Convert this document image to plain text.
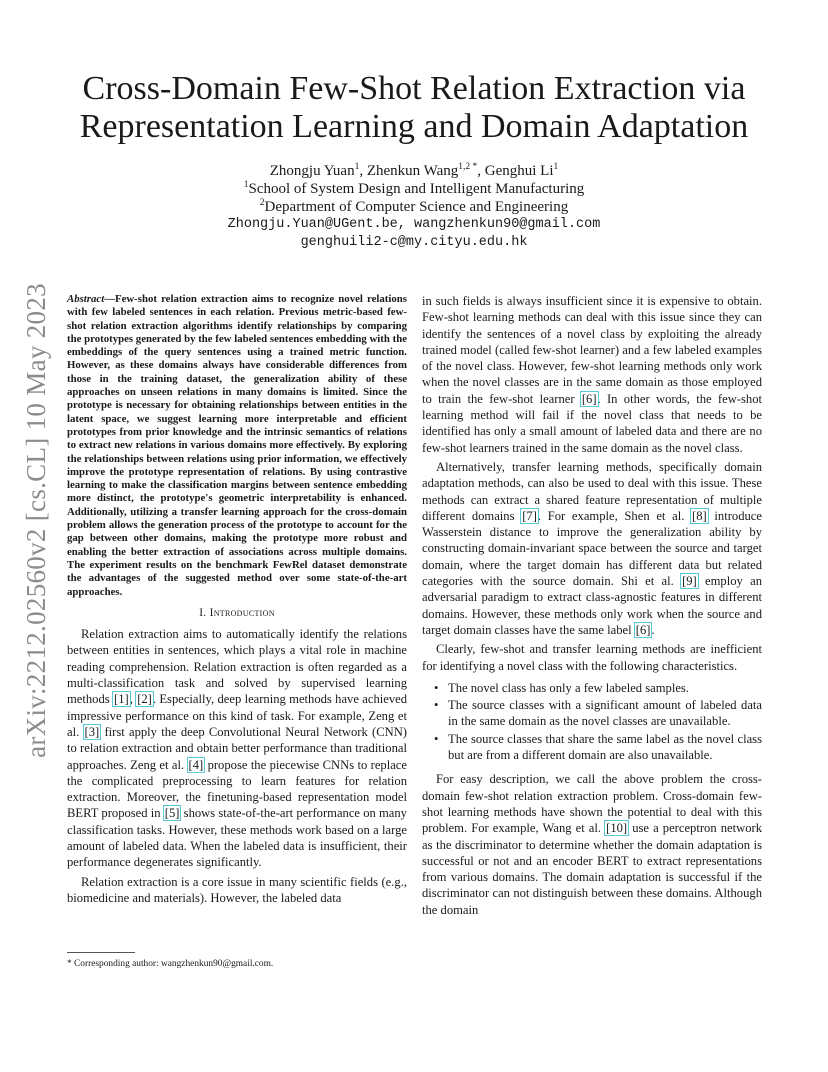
arXiv:2212.02560v2 [cs.CL] 10 May 2023
Cross-Domain Few-Shot Relation Extraction via
Representation Learning and Domain Adaptation
Zhongju Yuan$^1$, Zhenkun Wang$^{1,2 *}$, Genghui Li$^1$
$^1$School of System Design and Intelligent Manufacturing
$^2$Department of Computer Science and Engineering
Zhongju.Yuan@UGent.be, wangzhenkun90@gmail.com
genghuili2-c@my.cityu.edu.hk

Abstract—Few-shot relation extraction aims to recognize novel relations with few labeled sentences in each relation. Previous metric-based few-shot relation extraction algorithms identify relationships by comparing the prototypes generated by the few labeled sentences embedding with the embeddings of the query sentences using a trained metric function. However, as these domains always have considerable differences from those in the training dataset, the generalization ability of these approaches on unseen relations in many domains is limited. Since the prototype is necessary for obtaining relationships between entities in the latent space, we suggest learning more interpretable and efficient prototypes from prior knowledge and the intrinsic semantics of relations to extract new relations in various domains more effectively. By exploring the relationships between relations using prior information, we effectively improve the prototype representation of relations. By using contrastive learning to make the classification margins between sentence embedding more distinct, the prototype's geometric interpretability is enhanced. Additionally, utilizing a transfer learning approach for the cross-domain problem allows the generation process of the prototype to account for the gap between other domains, making the prototype more robust and enabling the better extraction of associations across multiple domains. The experiment results on the benchmark FewRel dataset demonstrate the advantages of the suggested method over some state-of-the-art approaches.

I. Introduction

Relation extraction aims to automatically identify the relations between entities in sentences, which plays a vital role in machine reading comprehension. Relation extraction is often regarded as a multi-classification task and solved by supervised learning methods [1], [2]. Especially, deep learning methods have achieved impressive performance on this kind of task. For example, Zeng et al. [3] first apply the deep Convolutional Neural Network (CNN) to relation extraction and obtain better performance than traditional approaches. Zeng et al. [4] propose the piecewise CNNs to replace the complicated preprocessing to learn features for relation extraction. Moreover, the finetuning-based representation model BERT proposed in [5] shows state-of-the-art performance on many classification tasks. However, these methods work based on a large amount of labeled data. When the labeled data is insufficient, their performance degenerates significantly.

Relation extraction is a core issue in many scientific fields (e.g., biomedicine and materials). However, the labeled data

* Corresponding author: wangzhenkun90@gmail.com.

in such fields is always insufficient since it is expensive to obtain. Few-shot learning methods can deal with this issue since they can identify the sentences of a novel class by exploiting the already trained model (called few-shot learner) and a few labeled examples of the novel class. However, few-shot learning methods only work when the novel classes are in the same domain as those employed to train the few-shot learner [6]. In other words, the few-shot learning method will fail if the novel class that needs to be identified has only a small amount of labeled data and there are no few-shot learners trained in the same domain as the novel class.

Alternatively, transfer learning methods, specifically domain adaptation methods, can also be used to deal with this issue. These methods can extract a shared feature representation of multiple different domains [7]. For example, Shen et al. [8] introduce Wasserstein distance to improve the generalization ability by constructing domain-invariant space between the source and target domain, where the target domain has different data but related categories with the source domain. Shi et al. [9] employ an adversarial paradigm to extract class-agnostic features in different domains. However, these methods only work when the source and target domain classes have the same label [6].

Clearly, few-shot and transfer learning methods are inefficient for identifying a novel class with the following characteristics.

• The novel class has only a few labeled samples.
• The source classes with a significant amount of labeled data in the same domain as the novel classes are unavailable.
• The source classes that share the same label as the novel class but are from a different domain are also unavailable.

For easy description, we call the above problem the cross-domain few-shot relation extraction problem. Cross-domain few-shot learning methods have shown the potential to deal with this problem. For example, Wang et al. [10] use a perceptron network as the discriminator to determine whether the domain adaptation is successful or not and an encoder BERT to extract representations from various domains. The domain adaptation is successful if the discriminator can not distinguish between these domains. Although the domain
